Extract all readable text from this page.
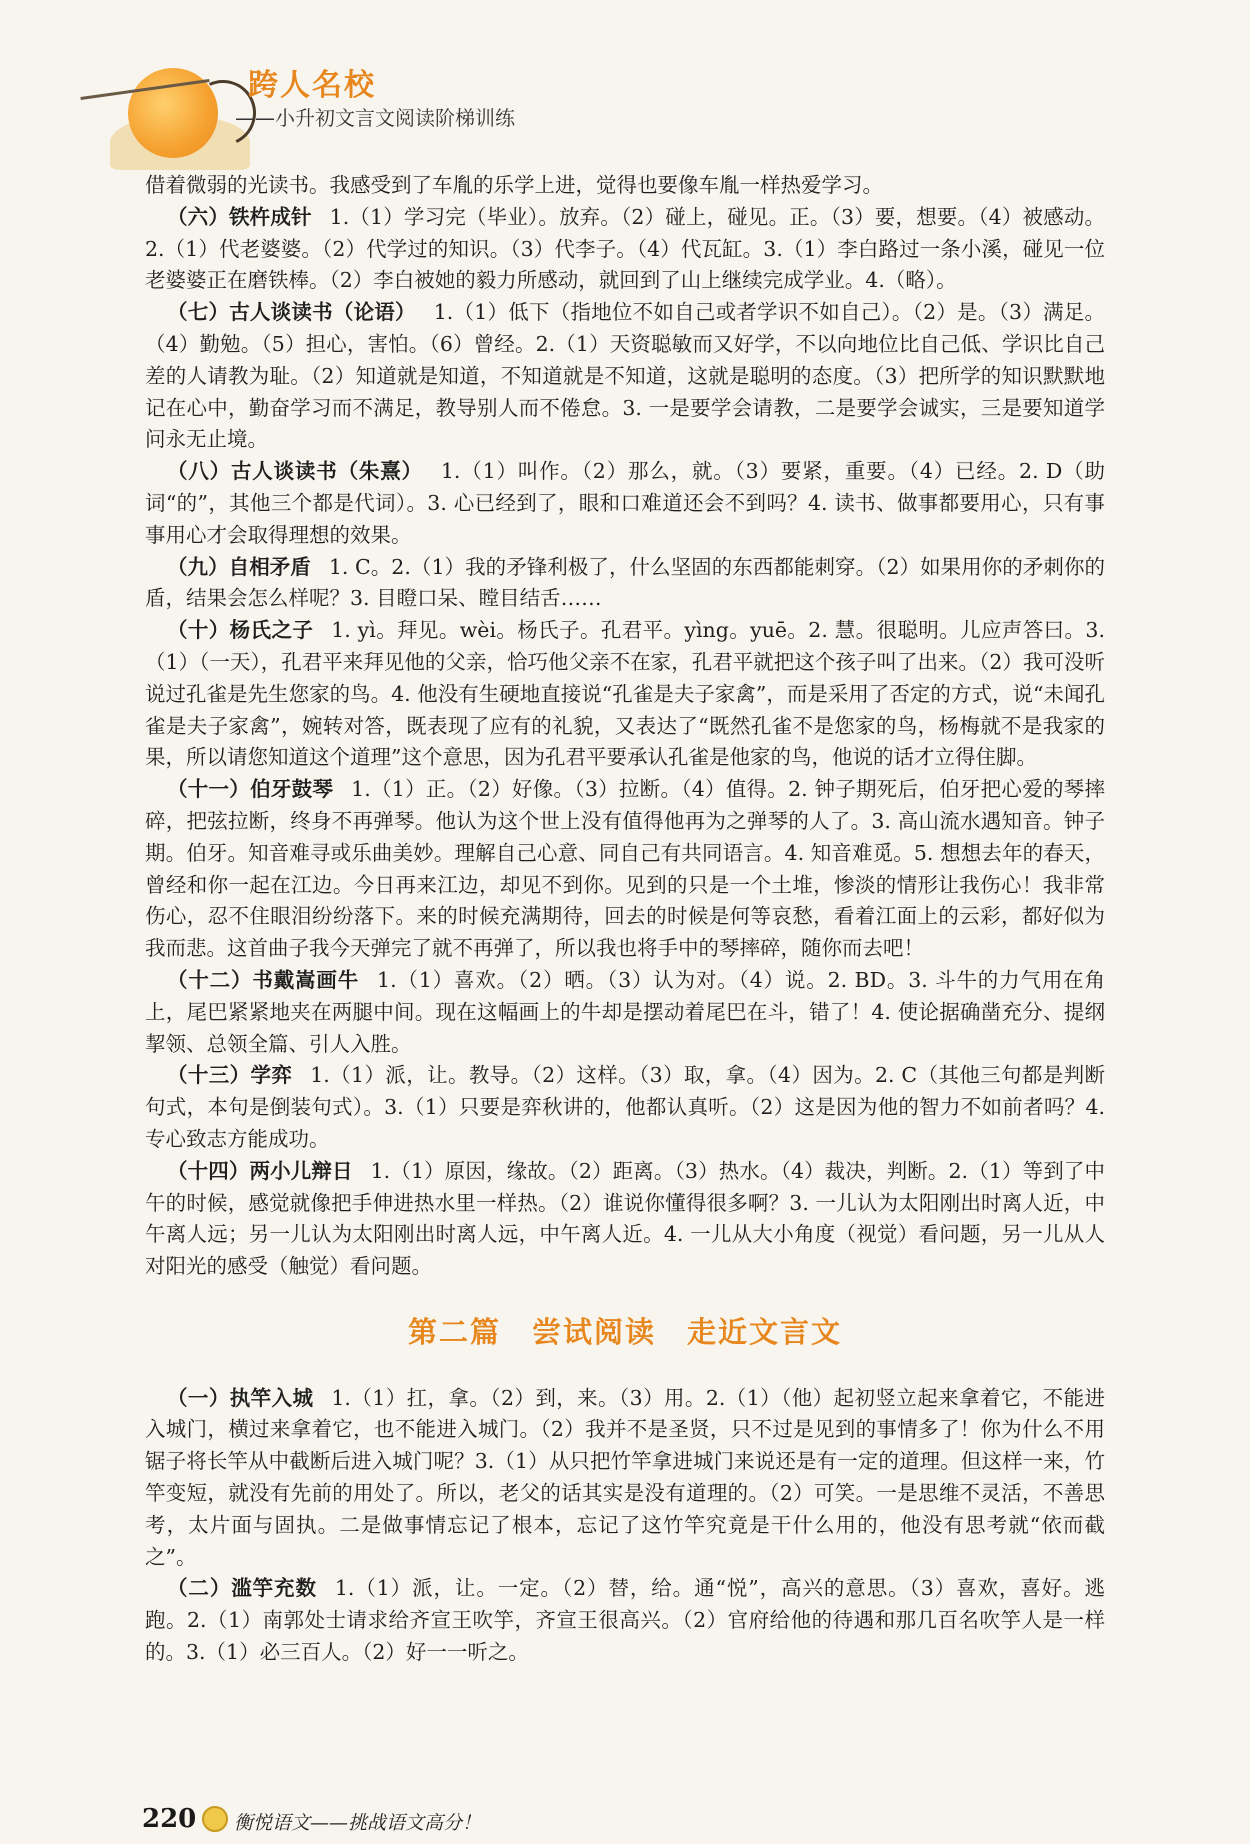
跨人名校
——小升初文言文阅读阶梯训练

借着微弱的光读书。我感受到了车胤的乐学上进，觉得也要像车胤一样热爱学习。

（六）铁杵成针 1.（1）学习完（毕业）。放弃。（2）碰上，碰见。正。（3）要，想要。（4）被感动。2.（1）代老婆婆。（2）代学过的知识。（3）代李子。（4）代瓦缸。3.（1）李白路过一条小溪，碰见一位老婆婆正在磨铁棒。（2）李白被她的毅力所感动，就回到了山上继续完成学业。4.（略）。

（七）古人谈读书（论语） 1.（1）低下（指地位不如自己或者学识不如自己）。（2）是。（3）满足。（4）勤勉。（5）担心，害怕。（6）曾经。2.（1）天资聪敏而又好学，不以向地位比自己低、学识比自己差的人请教为耻。（2）知道就是知道，不知道就是不知道，这就是聪明的态度。（3）把所学的知识默默地记在心中，勤奋学习而不满足，教导别人而不倦怠。3. 一是要学会请教，二是要学会诚实，三是要知道学问永无止境。

（八）古人谈读书（朱熹） 1.（1）叫作。（2）那么，就。（3）要紧，重要。（4）已经。2. D（助词“的”，其他三个都是代词）。3. 心已经到了，眼和口难道还会不到吗？4. 读书、做事都要用心，只有事事用心才会取得理想的效果。

（九）自相矛盾 1. C。2.（1）我的矛锋利极了，什么坚固的东西都能刺穿。（2）如果用你的矛刺你的盾，结果会怎么样呢？3. 目瞪口呆、瞠目结舌……

（十）杨氏之子 1. yì。拜见。wèi。杨氏子。孔君平。yìng。yuē。2. 慧。很聪明。儿应声答曰。3.（1）（一天），孔君平来拜见他的父亲，恰巧他父亲不在家，孔君平就把这个孩子叫了出来。（2）我可没听说过孔雀是先生您家的鸟。4. 他没有生硬地直接说“孔雀是夫子家禽”，而是采用了否定的方式，说“未闻孔雀是夫子家禽”，婉转对答，既表现了应有的礼貌，又表达了“既然孔雀不是您家的鸟，杨梅就不是我家的果，所以请您知道这个道理”这个意思，因为孔君平要承认孔雀是他家的鸟，他说的话才立得住脚。

（十一）伯牙鼓琴 1.（1）正。（2）好像。（3）拉断。（4）值得。2. 钟子期死后，伯牙把心爱的琴摔碎，把弦拉断，终身不再弹琴。他认为这个世上没有值得他再为之弹琴的人了。3. 高山流水遇知音。钟子期。伯牙。知音难寻或乐曲美妙。理解自己心意、同自己有共同语言。4. 知音难觅。5. 想想去年的春天，曾经和你一起在江边。今日再来江边，却见不到你。见到的只是一个土堆，惨淡的情形让我伤心！我非常伤心，忍不住眼泪纷纷落下。来的时候充满期待，回去的时候是何等哀愁，看着江面上的云彩，都好似为我而悲。这首曲子我今天弹完了就不再弹了，所以我也将手中的琴摔碎，随你而去吧！

（十二）书戴嵩画牛 1.（1）喜欢。（2）晒。（3）认为对。（4）说。2. BD。3. 斗牛的力气用在角上，尾巴紧紧地夹在两腿中间。现在这幅画上的牛却是摆动着尾巴在斗，错了！4. 使论据确凿充分、提纲挈领、总领全篇、引人入胜。

（十三）学弈 1.（1）派，让。教导。（2）这样。（3）取，拿。（4）因为。2. C（其他三句都是判断句式，本句是倒装句式）。3.（1）只要是弈秋讲的，他都认真听。（2）这是因为他的智力不如前者吗？4. 专心致志方能成功。

（十四）两小儿辩日 1.（1）原因，缘故。（2）距离。（3）热水。（4）裁决，判断。2.（1）等到了中午的时候，感觉就像把手伸进热水里一样热。（2）谁说你懂得很多啊？3. 一儿认为太阳刚出时离人近，中午离人远；另一儿认为太阳刚出时离人远，中午离人近。4. 一儿从大小角度（视觉）看问题，另一儿从人对阳光的感受（触觉）看问题。

第二篇　尝试阅读　走近文言文

（一）执竿入城 1.（1）扛，拿。（2）到，来。（3）用。2.（1）（他）起初竖立起来拿着它，不能进入城门，横过来拿着它，也不能进入城门。（2）我并不是圣贤，只不过是见到的事情多了！你为什么不用锯子将长竿从中截断后进入城门呢？3.（1）从只把竹竿拿进城门来说还是有一定的道理。但这样一来，竹竿变短，就没有先前的用处了。所以，老父的话其实是没有道理的。（2）可笑。一是思维不灵活，不善思考，太片面与固执。二是做事情忘记了根本，忘记了这竹竿究竟是干什么用的，他没有思考就“依而截之”。

（二）滥竽充数 1.（1）派，让。一定。（2）替，给。通“悦”，高兴的意思。（3）喜欢，喜好。逃跑。2.（1）南郭处士请求给齐宣王吹竽，齐宣王很高兴。（2）官府给他的待遇和那几百名吹竽人是一样的。3.（1）必三百人。（2）好一一听之。

220 衡悦语文——挑战语文高分！
